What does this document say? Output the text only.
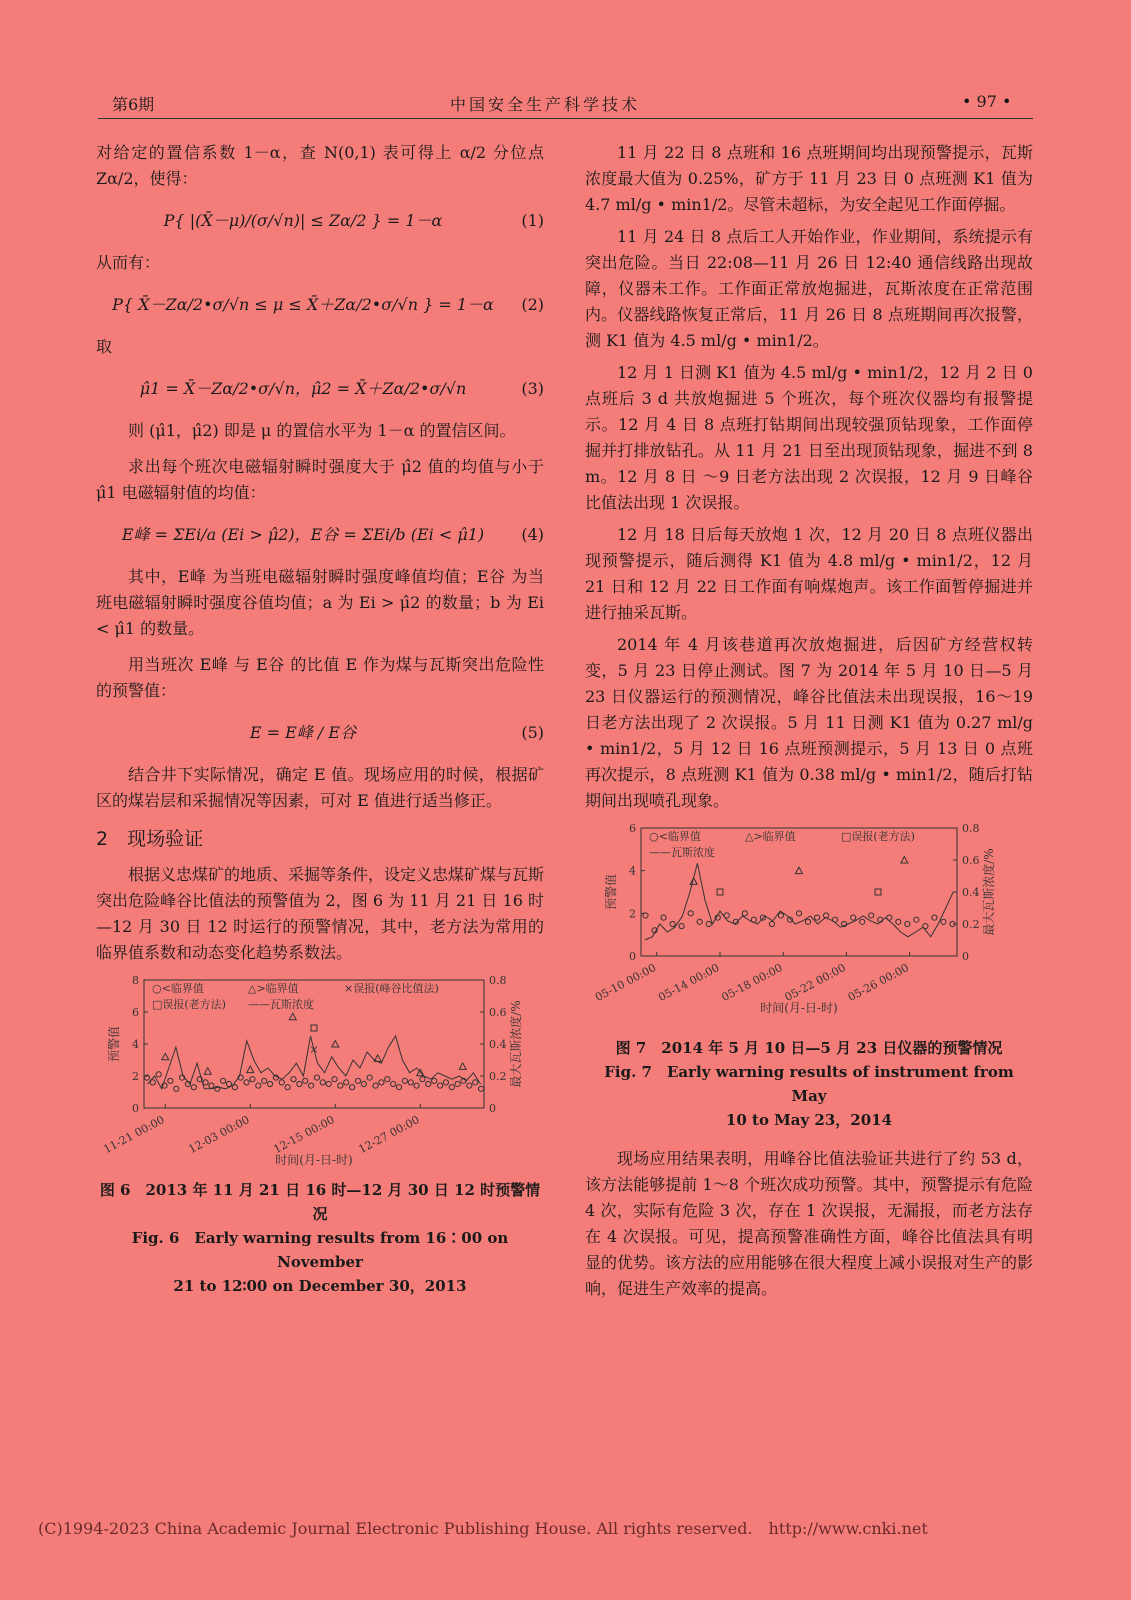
第6期	中国安全生产科学技术	• 97 •

对给定的置信系数 1－α，查 N(0,1) 表可得上 α/2 分位点 Zα/2，使得：

P{ |(X̄－μ)/(σ/√n)| ≤ Zα/2 } = 1－α	(1)

从而有：

P{ X̄－Zα/2•σ/√n ≤ μ ≤ X̄＋Zα/2•σ/√n } = 1－α	(2)

取

μ̂1 = X̄－Zα/2•σ/√n，μ̂2 = X̄＋Zα/2•σ/√n	(3)

则 (μ̂1，μ̂2) 即是 μ 的置信水平为 1－α 的置信区间。

求出每个班次电磁辐射瞬时强度大于 μ̂2 值的均值与小于 μ̂1 电磁辐射值的均值：

E峰 = ΣEi/a (Ei > μ̂2)，E谷 = ΣEi/b (Ei < μ̂1)	(4)

其中，E峰 为当班电磁辐射瞬时强度峰值均值；E谷 为当班电磁辐射瞬时强度谷值均值；a 为 Ei > μ̂2 的数量；b 为 Ei < μ̂1 的数量。

用当班次 E峰 与 E谷 的比值 E 作为煤与瓦斯突出危险性的预警值：

E = E峰 / E谷	(5)

结合井下实际情况，确定 E 值。现场应用的时候，根据矿区的煤岩层和采掘情况等因素，可对 E 值进行适当修正。

2　现场验证

根据义忠煤矿的地质、采掘等条件，设定义忠煤矿煤与瓦斯突出危险峰谷比值法的预警值为 2，图 6 为 11 月 21 日 16 时—12 月 30 日 12 时运行的预警情况，其中，老方法为常用的临界值系数和动态变化趋势系数法。

0
2
4
6
8
0
0.2
0.4
0.6
0.8
11-21 00:00 12-03 00:00 12-15 00:00 12-27 00:00
时间(月-日-时)
预警值	最大瓦斯浓度/%
×
○<临界值	△>临界值	×误报(峰谷比值法)
□误报(老方法) ——瓦斯浓度

图 6　2013 年 11 月 21 日 16 时—12 月 30 日 12 时预警情况

Fig. 6　Early warning results from 16∶00 on November

21 to 12∶00 on December 30，2013

11 月 22 日 8 点班和 16 点班期间均出现预警提示，瓦斯浓度最大值为 0.25%，矿方于 11 月 23 日 0 点班测 K1 值为 4.7 ml/g • min1/2。尽管未超标，为安全起见工作面停掘。

11 月 24 日 8 点后工人开始作业，作业期间，系统提示有突出危险。当日 22:08—11 月 26 日 12:40 通信线路出现故障，仪器未工作。工作面正常放炮掘进，瓦斯浓度在正常范围内。仪器线路恢复正常后，11 月 26 日 8 点班期间再次报警，测 K1 值为 4.5 ml/g • min1/2。

12 月 1 日测 K1 值为 4.5 ml/g • min1/2，12 月 2 日 0 点班后 3 d 共放炮掘进 5 个班次，每个班次仪器均有报警提示。12 月 4 日 8 点班打钻期间出现较强顶钻现象，工作面停掘并打排放钻孔。从 11 月 21 日至出现顶钻现象，掘进不到 8 m。12 月 8 日 ～9 日老方法出现 2 次误报，12 月 9 日峰谷比值法出现 1 次误报。

12 月 18 日后每天放炮 1 次，12 月 20 日 8 点班仪器出现预警提示，随后测得 K1 值为 4.8 ml/g • min1/2，12 月 21 日和 12 月 22 日工作面有响煤炮声。该工作面暂停掘进并进行抽采瓦斯。

2014 年 4 月该巷道再次放炮掘进，后因矿方经营权转变，5 月 23 日停止测试。图 7 为 2014 年 5 月 10 日—5 月 23 日仪器运行的预测情况，峰谷比值法未出现误报，16～19 日老方法出现了 2 次误报。5 月 11 日测 K1 值为 0.27 ml/g • min1/2，5 月 12 日 16 点班预测提示，5 月 13 日 0 点班再次提示，8 点班测 K1 值为 0.38 ml/g • min1/2，随后打钻期间出现喷孔现象。

0
2
4
6
0
0.2
0.4
0.6
0.8
05-10 00:00
05-14 00:00
05-18 00:00
05-22 00:00
05-26 00:00
时间(月-日-时)
预警值	最大瓦斯浓度/%
○<临界值	△>临界值	□误报(老方法)
——瓦斯浓度

图 7　2014 年 5 月 10 日—5 月 23 日仪器的预警情况

Fig. 7　Early warning results of instrument from May

10 to May 23，2014

现场应用结果表明，用峰谷比值法验证共进行了约 53 d，该方法能够提前 1～8 个班次成功预警。其中，预警提示有危险 4 次，实际有危险 3 次，存在 1 次误报，无漏报，而老方法存在 4 次误报。可见，提高预警准确性方面，峰谷比值法具有明显的优势。该方法的应用能够在很大程度上减小误报对生产的影响，促进生产效率的提高。

(C)1994-2023 China Academic Journal Electronic Publishing House. All rights reserved.　http://www.cnki.net
